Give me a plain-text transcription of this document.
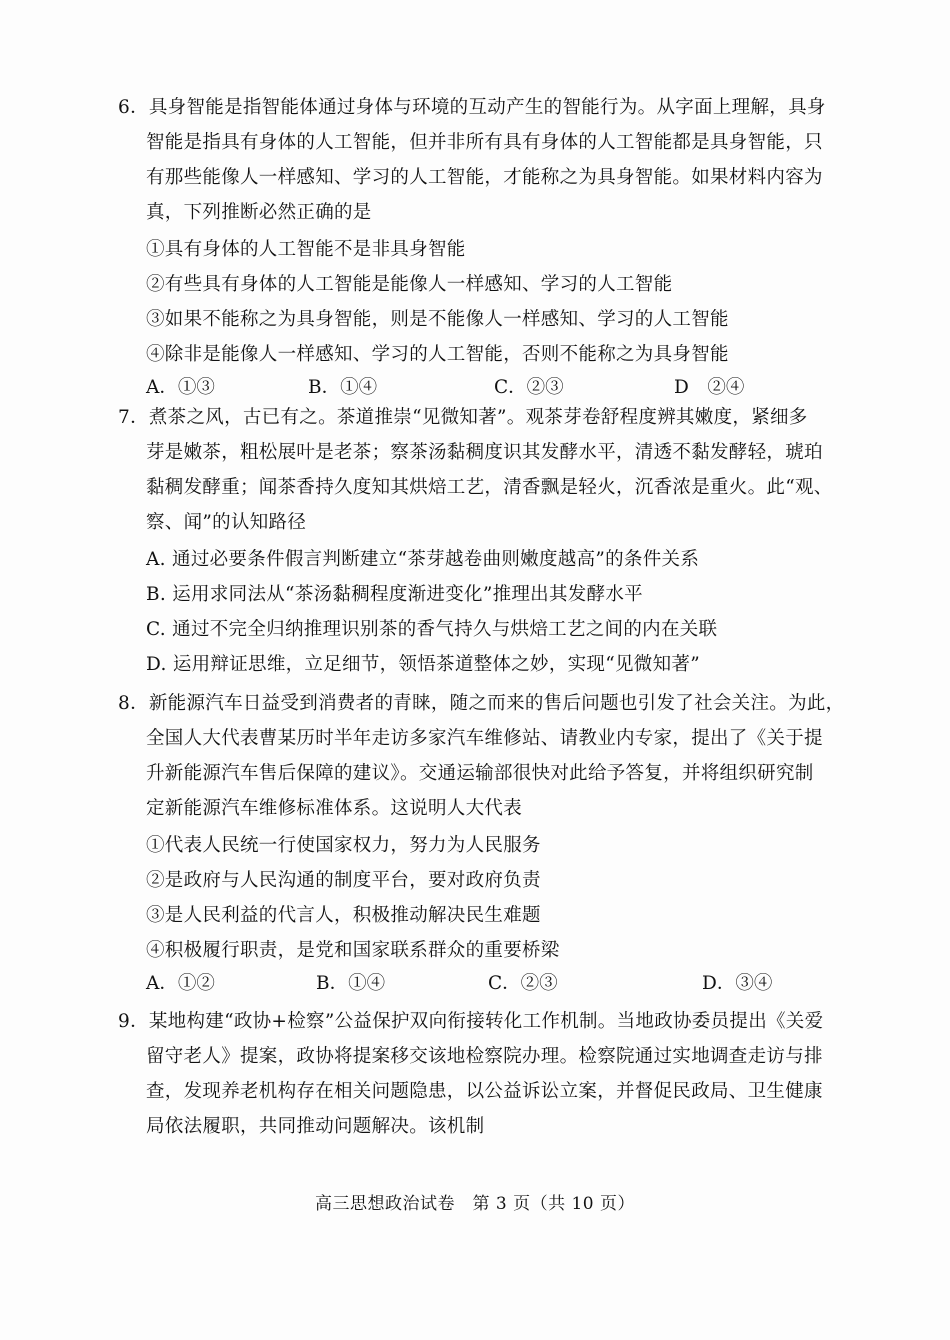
6．具身智能是指智能体通过身体与环境的互动产生的智能行为。从字面上理解，具身
智能是指具有身体的人工智能，但并非所有具有身体的人工智能都是具身智能，只
有那些能像人一样感知、学习的人工智能，才能称之为具身智能。如果材料内容为
真，下列推断必然正确的是
①具有身体的人工智能不是非具身智能
②有些具有身体的人工智能是能像人一样感知、学习的人工智能
③如果不能称之为具身智能，则是不能像人一样感知、学习的人工智能
④除非是能像人一样感知、学习的人工智能，否则不能称之为具身智能
A．①③	B．①④	C．②③	D　②④
7．煮茶之风，古已有之。茶道推崇“见微知著”。观茶芽卷舒程度辨其嫩度，紧细多
芽是嫩茶，粗松展叶是老茶；察茶汤黏稠度识其发酵水平，清透不黏发酵轻，琥珀
黏稠发酵重；闻茶香持久度知其烘焙工艺，清香飘是轻火，沉香浓是重火。此“观、
察、闻”的认知路径
A. 通过必要条件假言判断建立“茶芽越卷曲则嫩度越高”的条件关系
B. 运用求同法从“茶汤黏稠程度渐进变化”推理出其发酵水平
C. 通过不完全归纳推理识别茶的香气持久与烘焙工艺之间的内在关联
D. 运用辩证思维，立足细节，领悟茶道整体之妙，实现“见微知著”
8．新能源汽车日益受到消费者的青睐，随之而来的售后问题也引发了社会关注。为此，
全国人大代表曹某历时半年走访多家汽车维修站、请教业内专家，提出了《关于提
升新能源汽车售后保障的建议》。交通运输部很快对此给予答复，并将组织研究制
定新能源汽车维修标准体系。这说明人大代表
①代表人民统一行使国家权力，努力为人民服务
②是政府与人民沟通的制度平台，要对政府负责
③是人民利益的代言人，积极推动解决民生难题
④积极履行职责，是党和国家联系群众的重要桥梁
A．①②	B．①④	C．②③	D．③④
9．某地构建“政协+检察”公益保护双向衔接转化工作机制。当地政协委员提出《关爱
留守老人》提案，政协将提案移交该地检察院办理。检察院通过实地调查走访与排
查，发现养老机构存在相关问题隐患，以公益诉讼立案，并督促民政局、卫生健康
局依法履职，共同推动问题解决。该机制
高三思想政治试卷　第 3 页（共 10 页）
